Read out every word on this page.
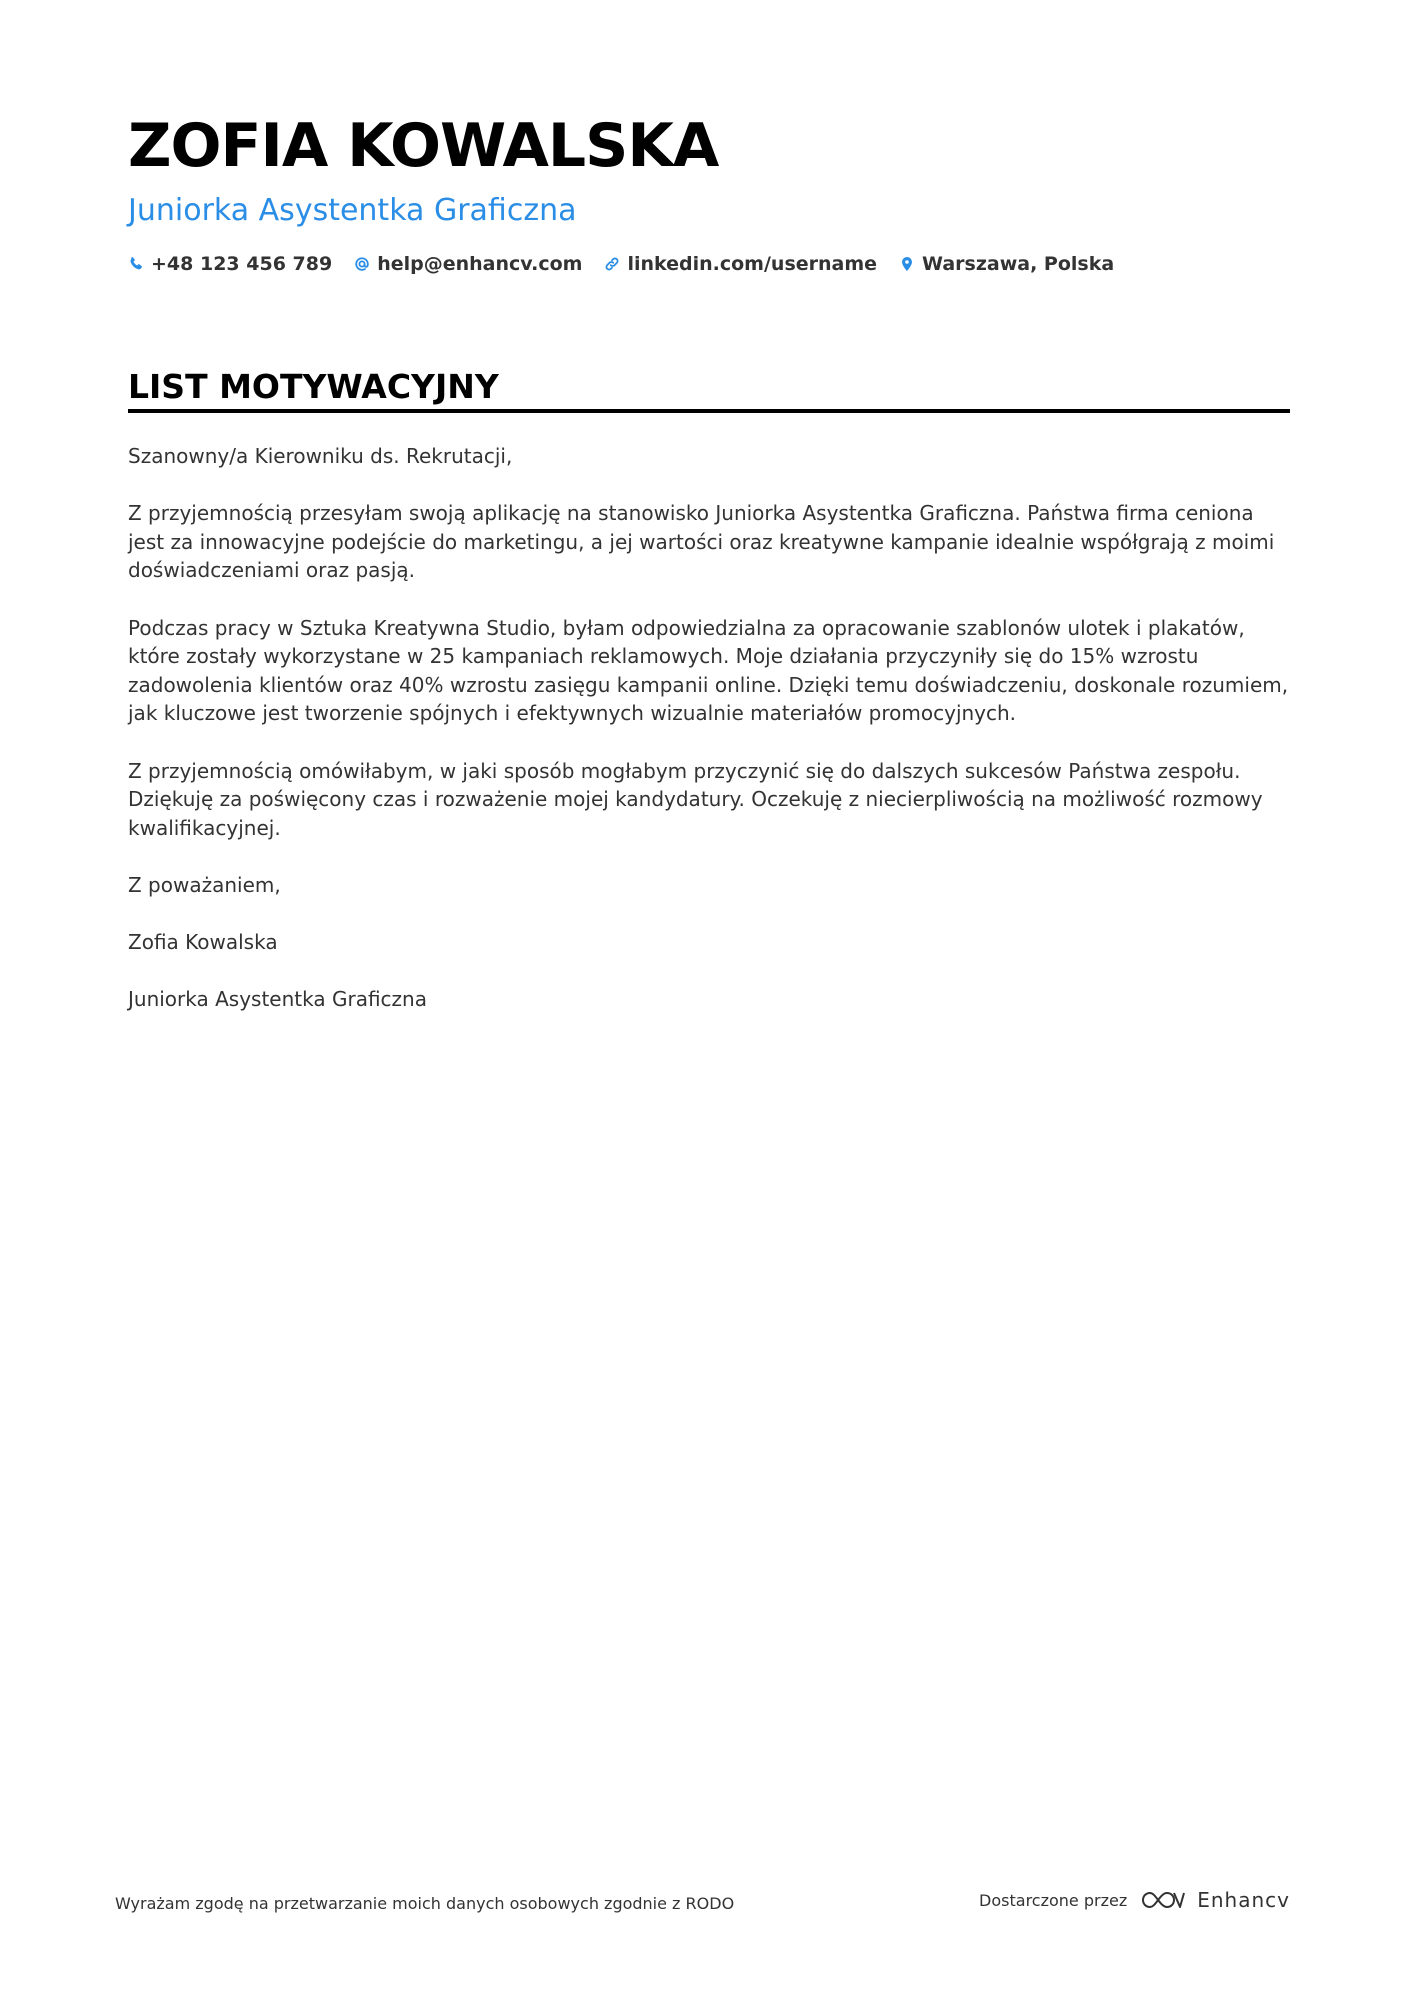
ZOFIA KOWALSKA
Juniorka Asystentka Graficzna
+48 123 456 789 help@enhancv.com linkedin.com/username Warszawa, Polska
LIST MOTYWACYJNY

Szanowny/a Kierowniku ds. Rekrutacji,

Z przyjemnością przesyłam swoją aplikację na stanowisko Juniorka Asystentka Graficzna. Państwa firma ceniona jest za innowacyjne podejście do marketingu, a jej wartości oraz kreatywne kampanie idealnie współgrają z moimi doświadczeniami oraz pasją.

Podczas pracy w Sztuka Kreatywna Studio, byłam odpowiedzialna za opracowanie szablonów ulotek i plakatów, które zostały wykorzystane w 25 kampaniach reklamowych. Moje działania przyczyniły się do 15% wzrostu zadowolenia klientów oraz 40% wzrostu zasięgu kampanii online. Dzięki temu doświadczeniu, doskonale rozumiem, jak kluczowe jest tworzenie spójnych i efektywnych wizualnie materiałów promocyjnych.

Z przyjemnością omówiłabym, w jaki sposób mogłabym przyczynić się do dalszych sukcesów Państwa zespołu. Dziękuję za poświęcony czas i rozważenie mojej kandydatury. Oczekuję z niecierpliwością na możliwość rozmowy kwalifikacyjnej.

Z poważaniem,

Zofia Kowalska

Juniorka Asystentka Graficzna

Wyrażam zgodę na przetwarzanie moich danych osobowych zgodnie z RODO	Dostarczone przez	Enhancv
